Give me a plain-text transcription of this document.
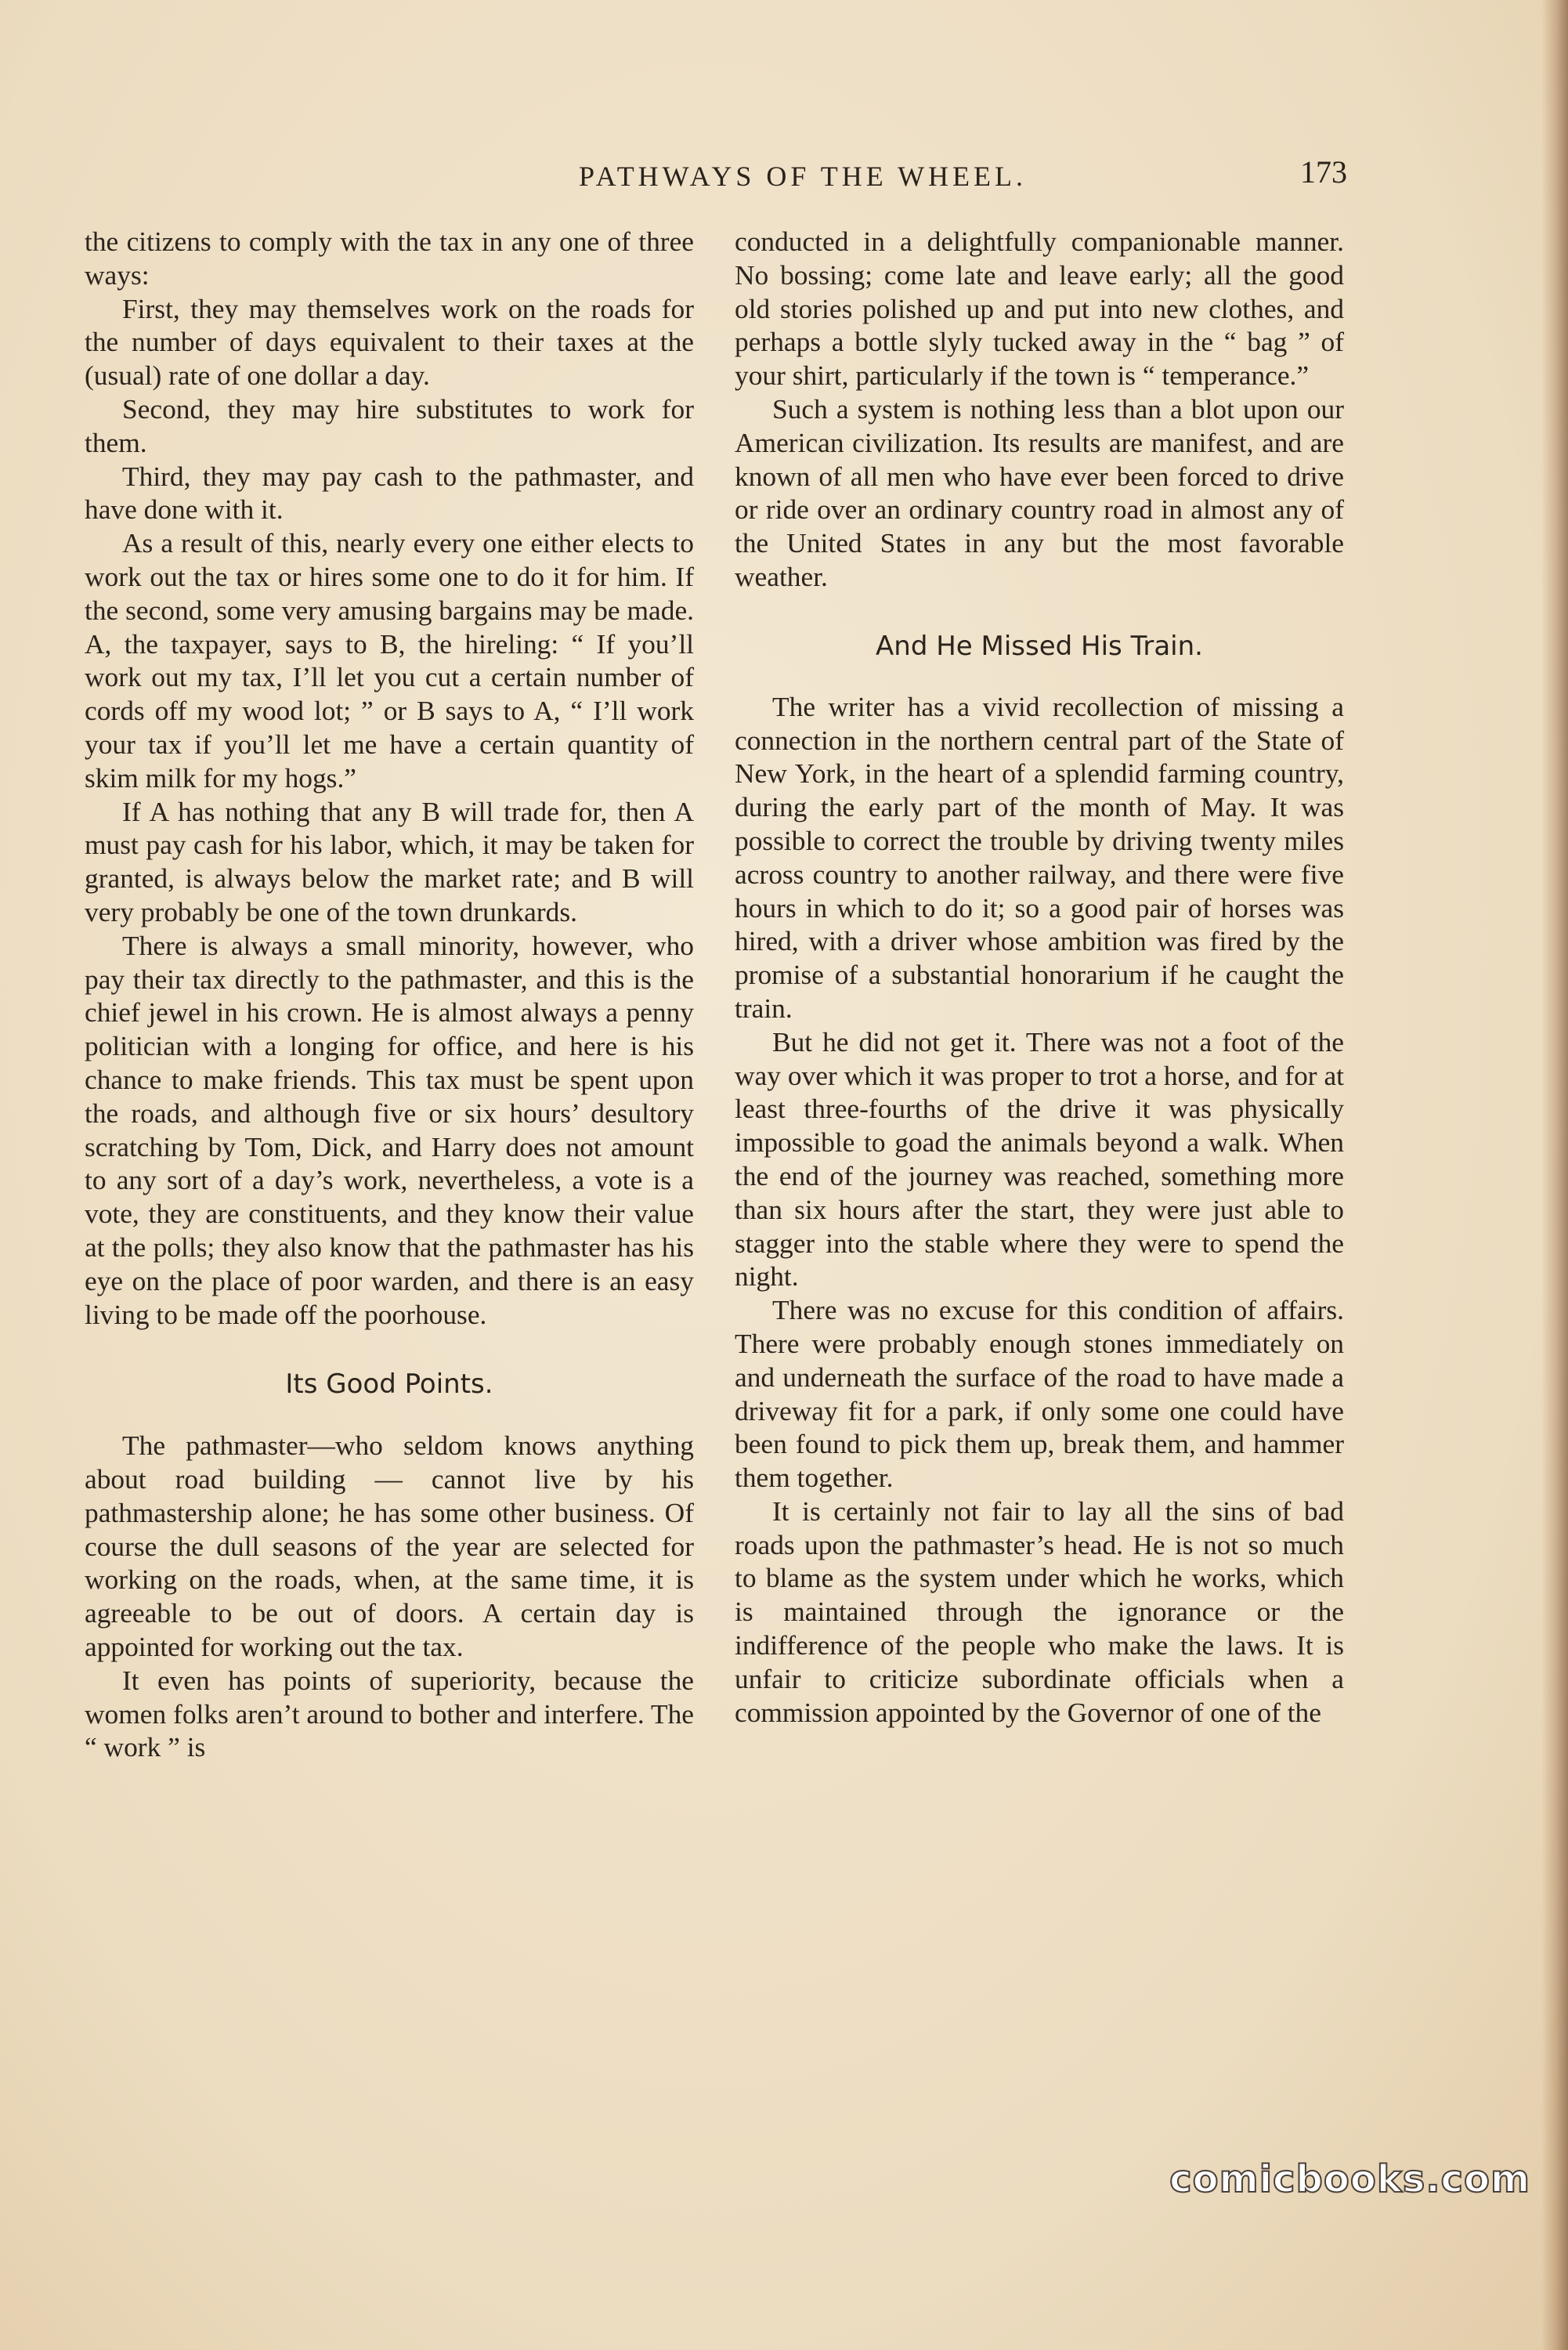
PATHWAYS OF THE WHEEL.	173

the citizens to comply with the tax in any one of three ways:

First, they may themselves work on the roads for the number of days equivalent to their taxes at the (usual) rate of one dollar a day.

Second, they may hire substitutes to work for them.

Third, they may pay cash to the pathmaster, and have done with it.

As a result of this, nearly every one either elects to work out the tax or hires some one to do it for him. If the second, some very amusing bargains may be made. A, the taxpayer, says to B, the hireling: “ If you’ll work out my tax, I’ll let you cut a certain number of cords off my wood lot; ” or B says to A, “ I’ll work your tax if you’ll let me have a certain quantity of skim milk for my hogs.”

If A has nothing that any B will trade for, then A must pay cash for his labor, which, it may be taken for granted, is always below the market rate; and B will very probably be one of the town drunkards.

There is always a small minority, however, who pay their tax directly to the pathmaster, and this is the chief jewel in his crown. He is almost always a penny politician with a longing for office, and here is his chance to make friends. This tax must be spent upon the roads, and although five or six hours’ desultory scratching by Tom, Dick, and Harry does not amount to any sort of a day’s work, nevertheless, a vote is a vote, they are constituents, and they know their value at the polls; they also know that the pathmaster has his eye on the place of poor warden, and there is an easy living to be made off the poorhouse.

Its Good Points.

The pathmaster—who seldom knows anything about road building — cannot live by his pathmastership alone; he has some other business. Of course the dull seasons of the year are selected for working on the roads, when, at the same time, it is agreeable to be out of doors. A certain day is appointed for working out the tax.

It even has points of superiority, because the women folks aren’t around to bother and interfere. The “ work ” is

conducted in a delightfully companionable manner. No bossing; come late and leave early; all the good old stories polished up and put into new clothes, and perhaps a bottle slyly tucked away in the “ bag ” of your shirt, particularly if the town is “ temperance.”

Such a system is nothing less than a blot upon our American civilization. Its results are manifest, and are known of all men who have ever been forced to drive or ride over an ordinary country road in almost any of the United States in any but the most favorable weather.

And He Missed His Train.

The writer has a vivid recollection of missing a connection in the northern central part of the State of New York, in the heart of a splendid farming country, during the early part of the month of May. It was possible to correct the trouble by driving twenty miles across country to another railway, and there were five hours in which to do it; so a good pair of horses was hired, with a driver whose ambition was fired by the promise of a substantial honorarium if he caught the train.

But he did not get it. There was not a foot of the way over which it was proper to trot a horse, and for at least three-fourths of the drive it was physically impossible to goad the animals beyond a walk. When the end of the journey was reached, something more than six hours after the start, they were just able to stagger into the stable where they were to spend the night.

There was no excuse for this condition of affairs. There were probably enough stones immediately on and underneath the surface of the road to have made a driveway fit for a park, if only some one could have been found to pick them up, break them, and hammer them together.

It is certainly not fair to lay all the sins of bad roads upon the pathmaster’s head. He is not so much to blame as the system under which he works, which is maintained through the ignorance or the indifference of the people who make the laws. It is unfair to criticize subordinate officials when a commission appointed by the Governor of one of the

comicbooks.com
